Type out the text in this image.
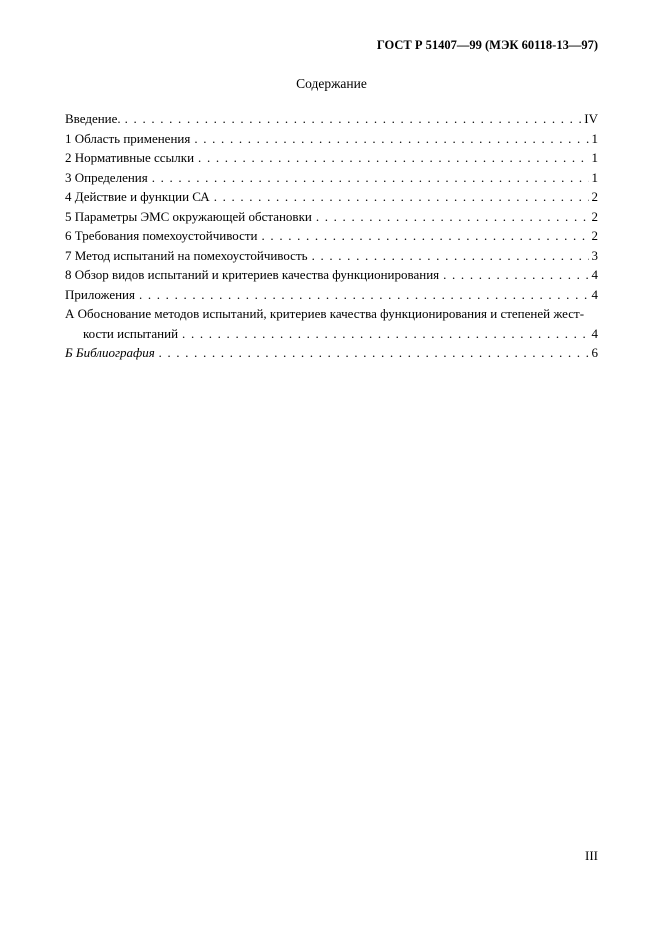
ГОСТ Р 51407—99 (МЭК 60118-13—97)
Содержание
Введение. . . .	IV
1 Область применения . . .	1
2 Нормативные ссылки . . .	1
3 Определения . . .	1
4 Действие и функции СА . . .	2
5 Параметры ЭМС окружающей обстановки . . .	2
6 Требования помехоустойчивости . . .	2
7 Метод испытаний на помехоустойчивость . . .	3
8 Обзор видов испытаний и критериев качества функционирования . . .	4
Приложения . . .	4
А Обоснование методов испытаний, критериев качества функционирования и степеней жест-
кости испытаний . . .	4
Б Библиография . . .	6
III
